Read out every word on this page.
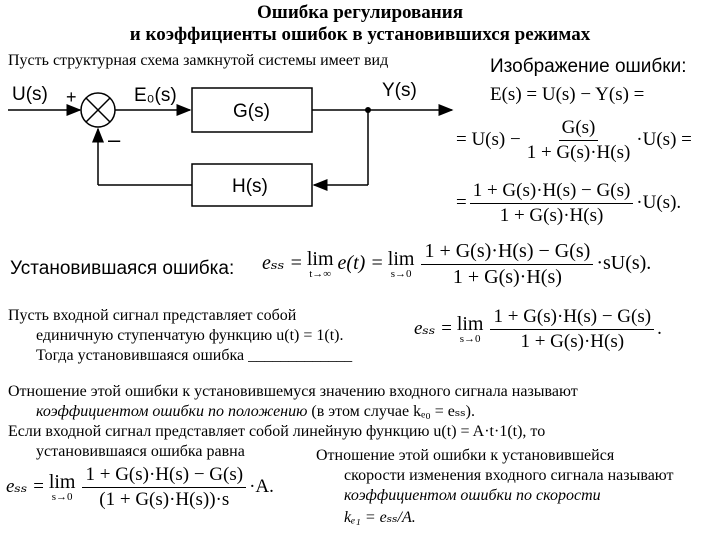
Ошибка регулирования
и коэффициенты ошибок в установившихся режимах
Пусть структурная схема замкнутой системы имеет вид
U(s) +
–
E₀(s)
G(s)
H(s)
Y(s)
Изображение ошибки:
E(s) = U(s) − Y(s) =
= $U(s) - \frac{G(s)}{1 + G(s)\cdot H(s)} \cdot U(s)$ =
= $\frac{1 + G(s)\cdot H(s) - G(s)}{1 + G(s)\cdot H(s)} \cdot U(s)$.
Установившаяся ошибка: eₛₛ = lim
t→∞ e(t) = lim
$s\to 0 \frac{1 + G(s)\cdot H(s) - G(s)}{1 + G(s)\cdot H(s)} \cdot sU(s)$.
Пусть входной сигнал представляет собой
единичную ступенчатую функцию u(t) = 1(t).
Тогда установившаяся ошибка _____________
eₛₛ = lim
$s\to 0 \frac{1 + G(s)\cdot H(s) - G(s)}{1 + G(s)\cdot H(s)}$ .
Отношение этой ошибки к установившемуся значению входного сигнала называют
коэффициентом ошибки по положению (в этом случае kₑ₀ = eₛₛ).
Если входной сигнал представляет собой линейную функцию u(t) = A·t·1(t), то
установившаяся ошибка равна
eₛₛ = lim
$s\to 0 \frac{1 + G(s)\cdot H(s) - G(s)}{(1 + G(s)\cdot H(s))\cdot s} \cdot A$.
Отношение этой ошибки к установившейся
скорости изменения входного сигнала называют
коэффициентом ошибки по скорости
kₑ₁ = eₛₛ/A.
